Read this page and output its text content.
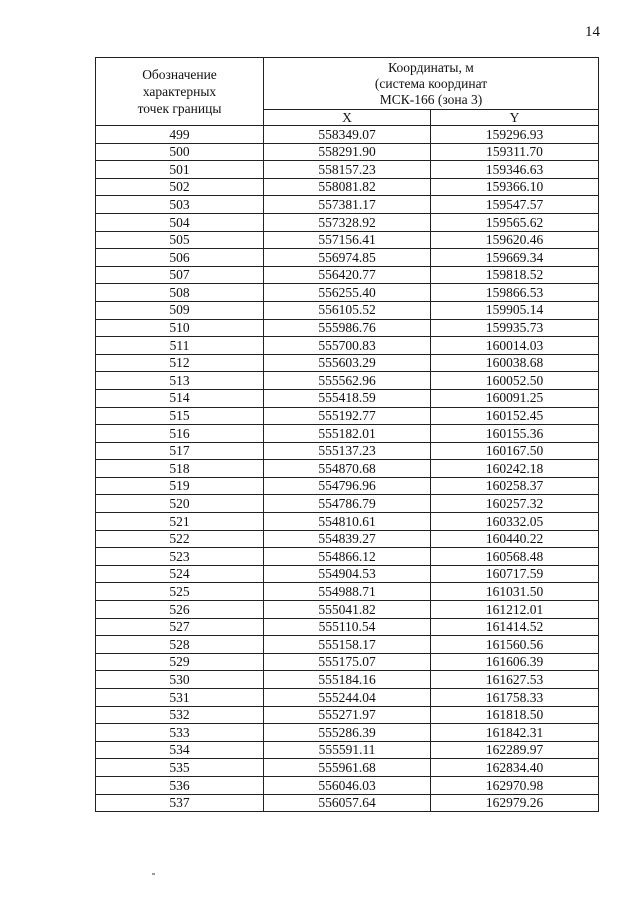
14
Обозначение
характерных
точек границы	Координаты, м
(система координат
МСК-166 (зона 3)	
	X	Y
499	558349.07	159296.93
500	558291.90	159311.70
501	558157.23	159346.63
502	558081.82	159366.10
503	557381.17	159547.57
504	557328.92	159565.62
505	557156.41	159620.46
506	556974.85	159669.34
507	556420.77	159818.52
508	556255.40	159866.53
509	556105.52	159905.14
510	555986.76	159935.73
511	555700.83	160014.03
512	555603.29	160038.68
513	555562.96	160052.50
514	555418.59	160091.25
515	555192.77	160152.45
516	555182.01	160155.36
517	555137.23	160167.50
518	554870.68	160242.18
519	554796.96	160258.37
520	554786.79	160257.32
521	554810.61	160332.05
522	554839.27	160440.22
523	554866.12	160568.48
524	554904.53	160717.59
525	554988.71	161031.50
526	555041.82	161212.01
527	555110.54	161414.52
528	555158.17	161560.56
529	555175.07	161606.39
530	555184.16	161627.53
531	555244.04	161758.33
532	555271.97	161818.50
533	555286.39	161842.31
534	555591.11	162289.97
535	555961.68	162834.40
536	556046.03	162970.98
537	556057.64	162979.26
